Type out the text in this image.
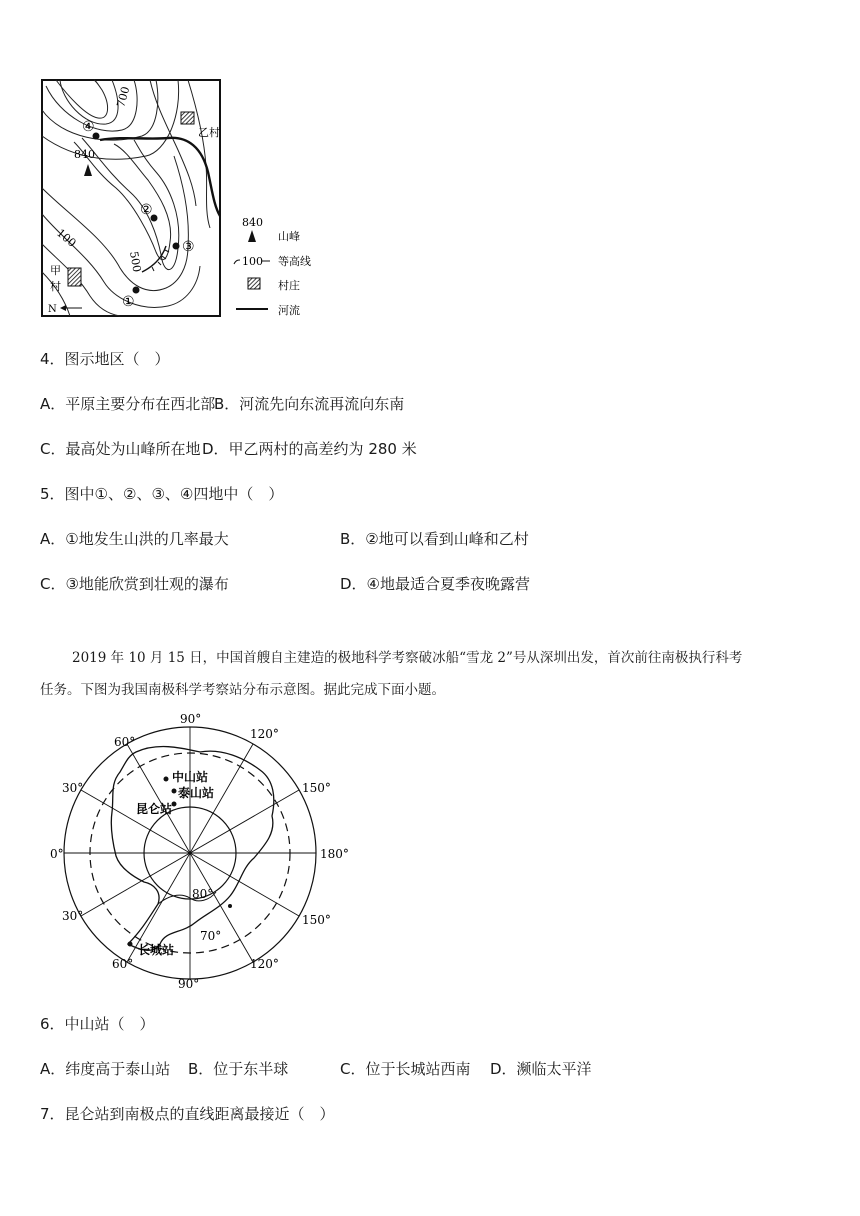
④
②
③
①
840
700
100
500
乙村
甲
村
N
840
山峰
100 等高线
村庄
河流
4．图示地区（　）
A．平原主要分布在西北部
B．河流先向东流再流向东南
C．最高处为山峰所在地 D．甲乙两村的高差约为 280 米
5．图中①、②、③、④四地中（　）
A．①地发生山洪的几率最大	B．②地可以看到山峰和乙村
C．③地能欣赏到壮观的瀑布	D．④地最适合夏季夜晚露营
2019 年 10 月 15 日，中国首艘自主建造的极地科学考察破冰船“雪龙 2”号从深圳出发，首次前往南极执行科考
任务。下图为我国南极科学考察站分布示意图。据此完成下面小题。
中山站
泰山站
昆仑站
长城站
80°
70°
90°
120°
60°
30°	150°
0°	180°
30°	150°
60°	120°
90°
6．中山站（　）
A．纬度高于泰山站 B．位于东半球	C．位于长城站西南 D．濒临太平洋
7．昆仑站到南极点的直线距离最接近（　）
